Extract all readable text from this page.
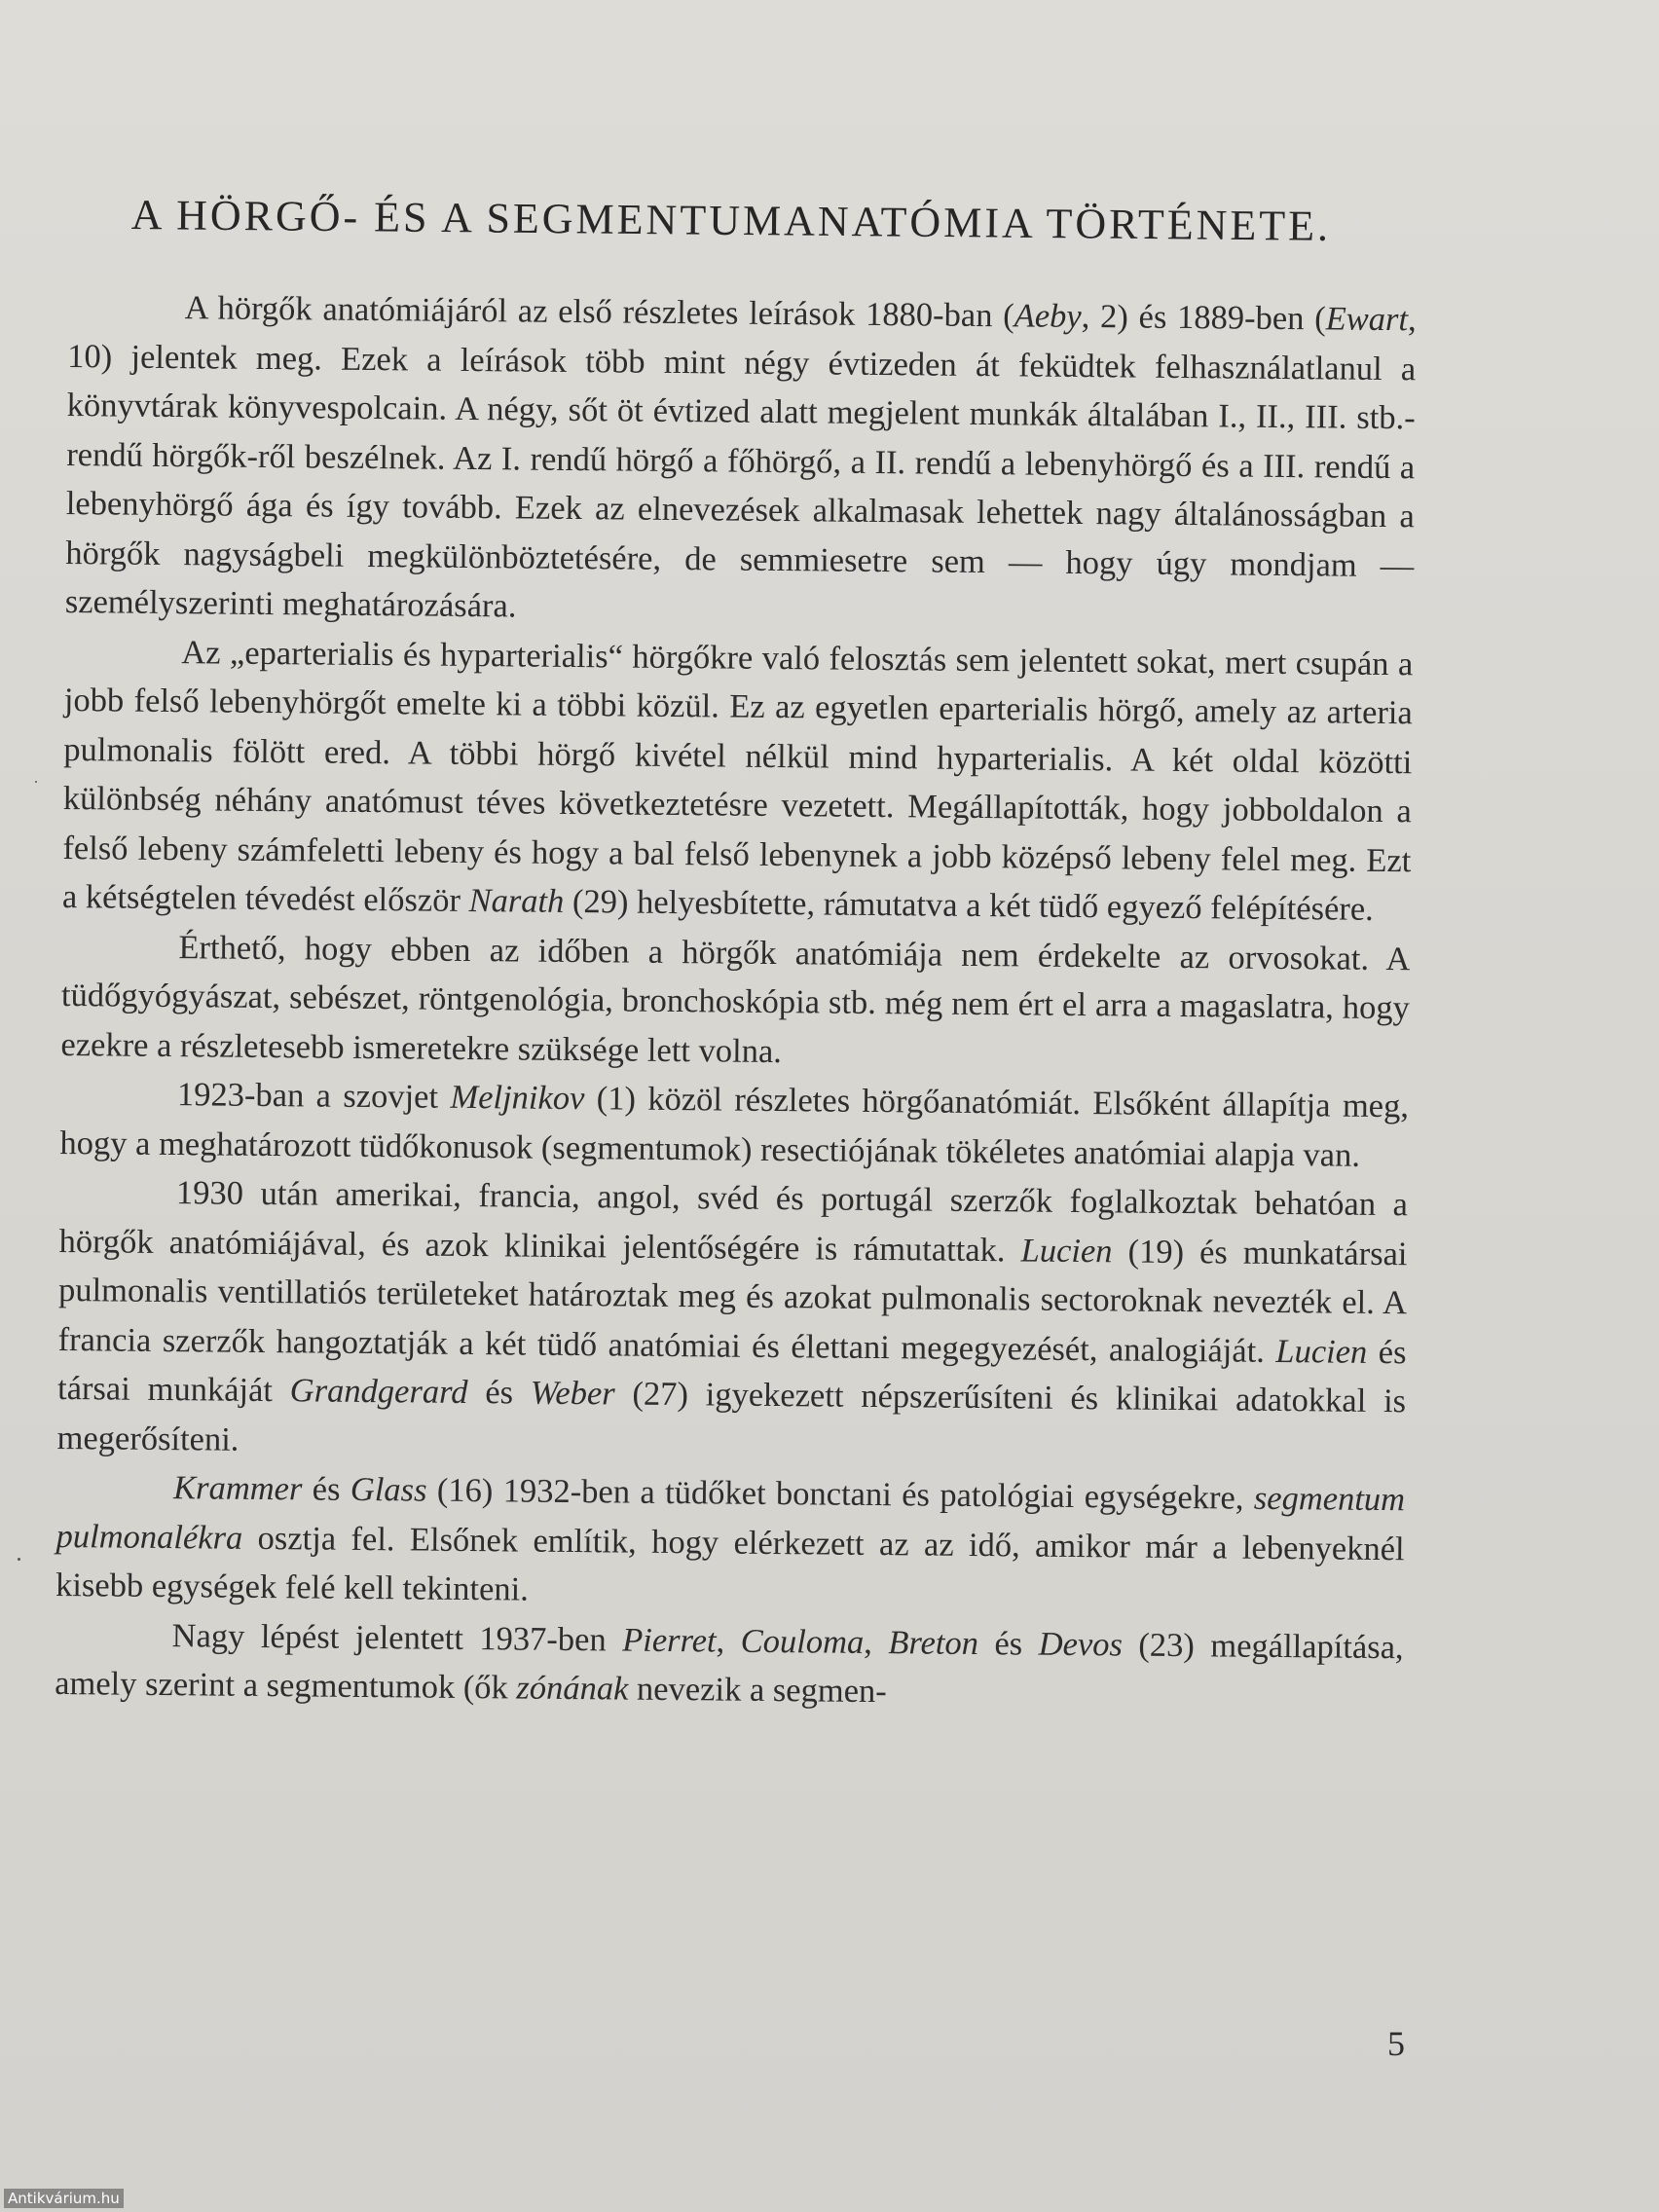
A HÖRGŐ- ÉS A SEGMENTUMANATÓMIA TÖRTÉNETE.

A hörgők anatómiájáról az első részletes leírások 1880-ban (Aeby, 2) és 1889-ben (Ewart, 10) jelentek meg. Ezek a leírások több mint négy évtizeden át feküdtek felhasználatlanul a könyvtárak könyvespolcain. A négy, sőt öt évtized alatt megjelent munkák általában I., II., III. stb.-rendű hörgők-ről beszélnek. Az I. rendű hörgő a főhörgő, a II. rendű a lebenyhörgő és a III. rendű a lebenyhörgő ága és így tovább. Ezek az elnevezések alkalmasak lehettek nagy általánosságban a hörgők nagyságbeli megkülönböztetésére, de semmiesetre sem — hogy úgy mondjam — személyszerinti meghatározására.

Az „eparterialis és hyparterialis“ hörgőkre való felosztás sem jelentett sokat, mert csupán a jobb felső lebenyhörgőt emelte ki a többi közül. Ez az egyetlen eparterialis hörgő, amely az arteria pulmonalis fölött ered. A többi hörgő kivétel nélkül mind hyparterialis. A két oldal közötti különbség néhány anatómust téves következtetésre vezetett. Megállapították, hogy jobboldalon a felső lebeny számfeletti lebeny és hogy a bal felső lebenynek a jobb középső lebeny felel meg. Ezt a kétségtelen tévedést először Narath (29) helyesbítette, rámutatva a két tüdő egyező felépítésére.

Érthető, hogy ebben az időben a hörgők anatómiája nem érdekelte az orvosokat. A tüdőgyógyászat, sebészet, röntgenológia, bronchoskópia stb. még nem ért el arra a magaslatra, hogy ezekre a részletesebb ismeretekre szüksége lett volna.

1923-ban a szovjet Meljnikov (1) közöl részletes hörgőanatómiát. Elsőként állapítja meg, hogy a meghatározott tüdőkonusok (segmentumok) resectiójának tökéletes anatómiai alapja van.

1930 után amerikai, francia, angol, svéd és portugál szerzők foglalkoztak behatóan a hörgők anatómiájával, és azok klinikai jelentőségére is rámutattak. Lucien (19) és munkatársai pulmonalis ventillatiós területeket határoztak meg és azokat pulmonalis sectoroknak nevezték el. A francia szerzők hangoztatják a két tüdő anatómiai és élettani megegyezését, analogiáját. Lucien és társai munkáját Grandgerard és Weber (27) igyekezett népszerűsíteni és klinikai adatokkal is megerősíteni.

Krammer és Glass (16) 1932-ben a tüdőket bonctani és patológiai egységekre, segmentum pulmonalékra osztja fel. Elsőnek említik, hogy elérkezett az az idő, amikor már a lebenyeknél kisebb egységek felé kell tekinteni.

Nagy lépést jelentett 1937-ben Pierret, Couloma, Breton és Devos (23) megállapítása, amely szerint a segmentumok (ők zónának nevezik a segmen-

5
Antikvárium.hu
